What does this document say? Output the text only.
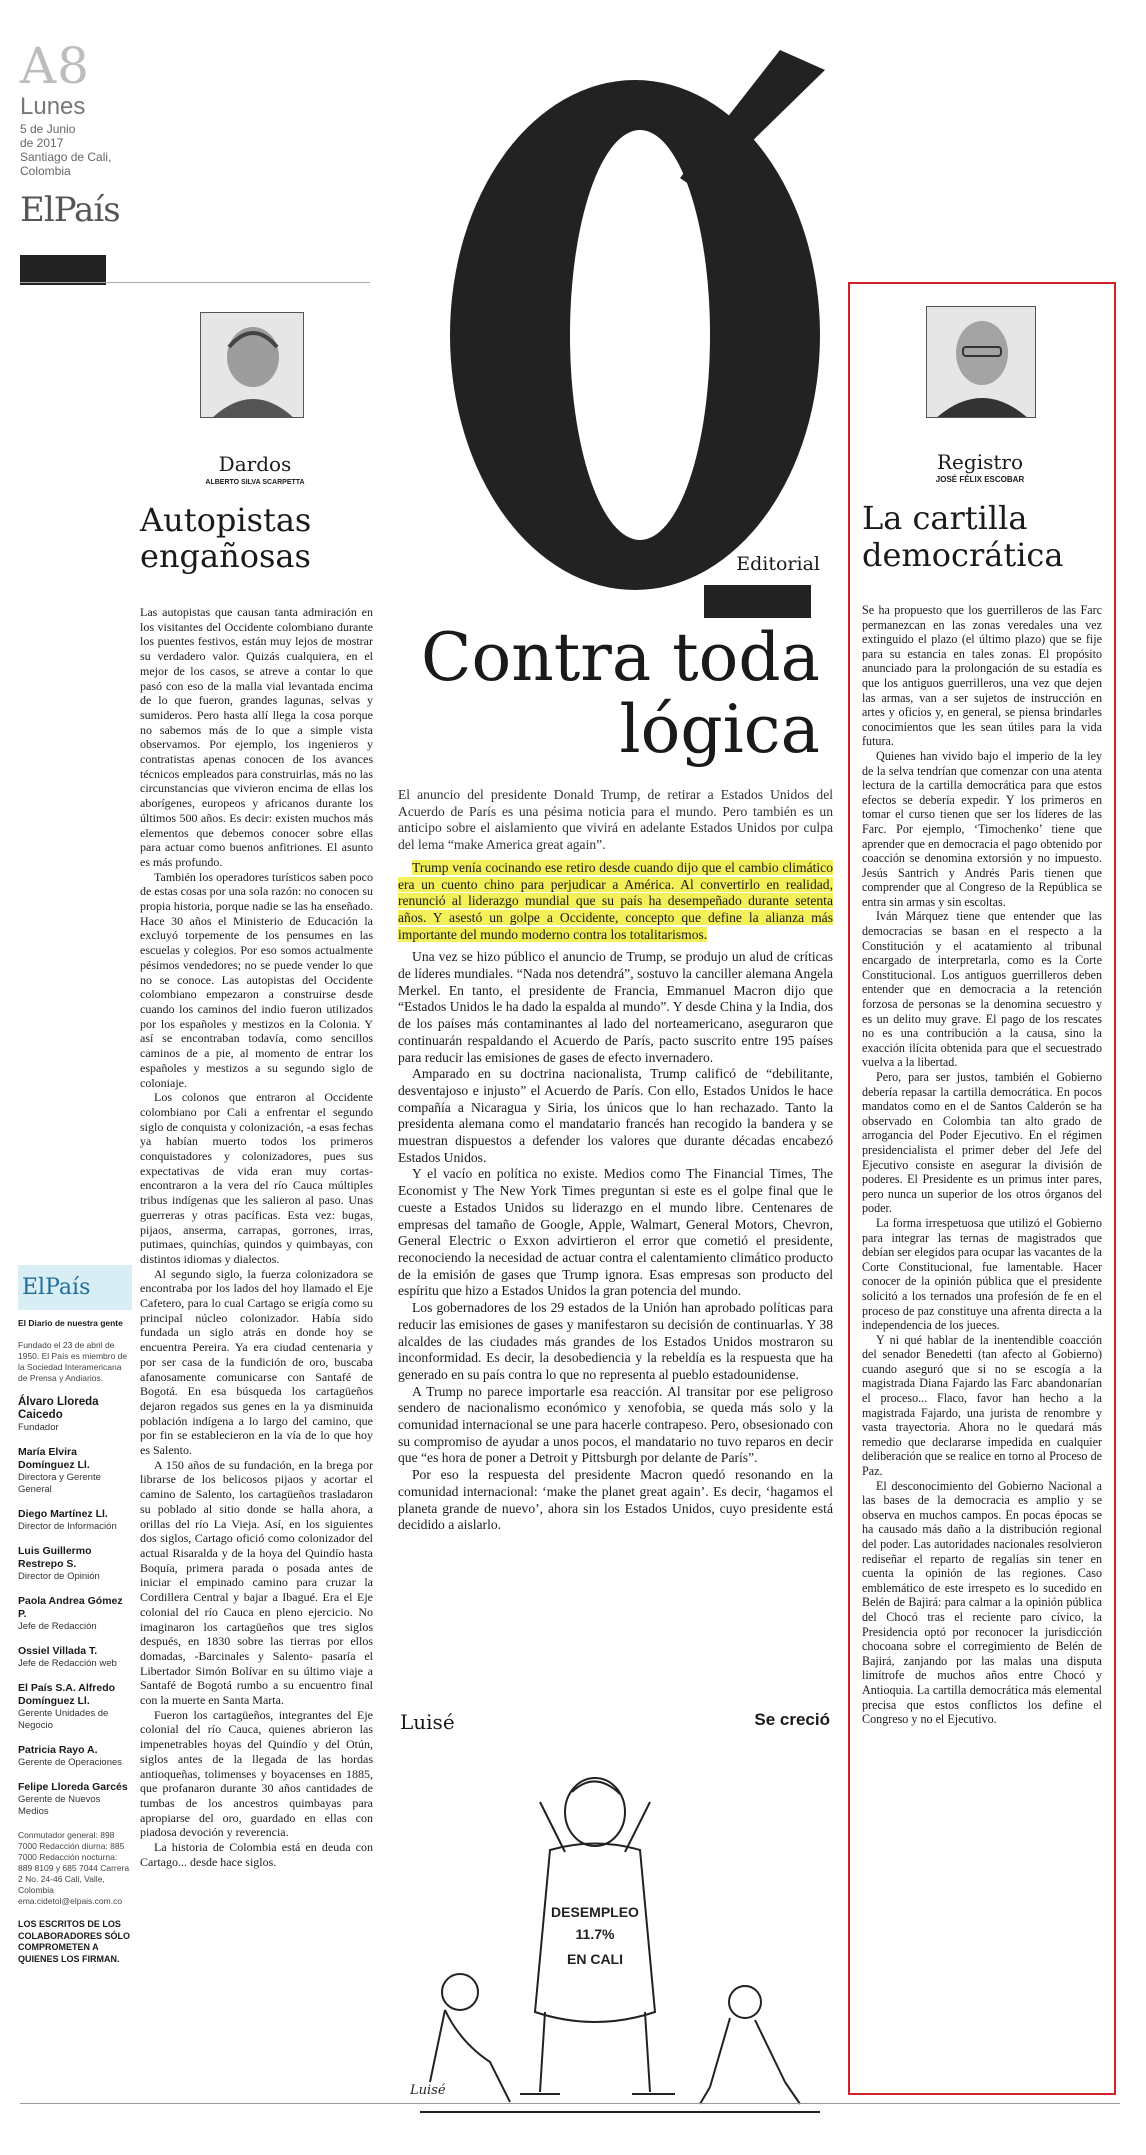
A8
Lunes
5 de Junio
de 2017
Santiago de Cali,
Colombia
ElPaís
Dardos
ALBERTO SILVA SCARPETTA
Autopistas
engañosas

Las autopistas que causan tanta admiración en los visitantes del Occidente colombiano durante los puentes festivos, están muy lejos de mostrar su verdadero valor. Quizás cualquiera, en el mejor de los casos, se atreve a contar lo que pasó con eso de la malla vial levantada encima de lo que fueron, grandes lagunas, selvas y sumideros. Pero hasta allí llega la cosa porque no sabemos más de lo que a simple vista observamos. Por ejemplo, los ingenieros y contratistas apenas conocen de los avances técnicos empleados para construirlas, más no las circunstancias que vivieron encima de ellas los aborígenes, europeos y africanos durante los últimos 500 años. Es decir: existen muchos más elementos que debemos conocer sobre ellas para actuar como buenos anfitriones. El asunto es más profundo.

También los operadores turísticos saben poco de estas cosas por una sola razón: no conocen su propia historia, porque nadie se las ha enseñado. Hace 30 años el Ministerio de Educación la excluyó torpemente de los pensumes en las escuelas y colegios. Por eso somos actualmente pésimos vendedores; no se puede vender lo que no se conoce. Las autopistas del Occidente colombiano empezaron a construirse desde cuando los caminos del indio fueron utilizados por los españoles y mestizos en la Colonia. Y así se encontraban todavía, como sencillos caminos de a pie, al momento de entrar los españoles y mestizos a su segundo siglo de coloniaje.

Los colonos que entraron al Occidente colombiano por Cali a enfrentar el segundo siglo de conquista y colonización, -a esas fechas ya habían muerto todos los primeros conquistadores y colonizadores, pues sus expectativas de vida eran muy cortas- encontraron a la vera del río Cauca múltiples tribus indígenas que les salieron al paso. Unas guerreras y otras pacíficas. Esta vez: bugas, pijaos, anserma, carrapas, gorrones, irras, putimaes, quinchías, quindos y quimbayas, con distintos idiomas y dialectos.

Al segundo siglo, la fuerza colonizadora se encontraba por los lados del hoy llamado el Eje Cafetero, para lo cual Cartago se erigía como su principal núcleo colonizador. Había sido fundada un siglo atrás en donde hoy se encuentra Pereira. Ya era ciudad centenaria y por ser casa de la fundición de oro, buscaba afanosamente comunicarse con Santafé de Bogotá. En esa búsqueda los cartagüeños dejaron regados sus genes en la ya disminuida población indígena a lo largo del camino, que por fin se establecieron en la vía de lo que hoy es Salento.

A 150 años de su fundación, en la brega por librarse de los belicosos pijaos y acortar el camino de Salento, los cartagüeños trasladaron su poblado al sitio donde se halla ahora, a orillas del río La Vieja. Así, en los siguientes dos siglos, Cartago ofició como colonizador del actual Risaralda y de la hoya del Quindío hasta Boquía, primera parada o posada antes de iniciar el empinado camino para cruzar la Cordillera Central y bajar a Ibagué. Era el Eje colonial del río Cauca en pleno ejercicio. No imaginaron los cartagüeños que tres siglos después, en 1830 sobre las tierras por ellos domadas, -Barcinales y Salento- pasaría el Libertador Simón Bolívar en su último viaje a Santafé de Bogotá rumbo a su encuentro final con la muerte en Santa Marta.

Fueron los cartagüeños, integrantes del Eje colonial del río Cauca, quienes abrieron las impenetrables hoyas del Quindío y del Otún, siglos antes de la llegada de las hordas antioqueñas, tolimenses y boyacenses en 1885, que profanaron durante 30 años cantidades de tumbas de los ancestros quimbayas para apropiarse del oro, guardado en ellas con piadosa devoción y reverencia.

La historia de Colombia está en deuda con Cartago... desde hace siglos.

ElPaís
El Diario de nuestra gente
Fundado el 23 de abril de 1950. El País es miembro de la Sociedad Interamericana de Prensa y Andiarios.
Álvaro Lloreda Caicedo
Fundador
María Elvira Domínguez Ll.
Directora y Gerente General
Diego Martínez Ll.
Director de Información
Luis Guillermo Restrepo S.
Director de Opinión
Paola Andrea Gómez P.
Jefe de Redacción
Ossiel Villada T.
Jefe de Redacción web
El País S.A. Alfredo Domínguez Ll.
Gerente Unidades de Negocio
Patricia Rayo A.
Gerente de Operaciones
Felipe Lloreda Garcés
Gerente de Nuevos Medios
Conmutador general: 898 7000 Redacción diurna: 885 7000 Redacción nocturna: 889 8109 y 685 7044 Carrera 2 No. 24-46 Cali, Valle, Colombia ema.cidetol@elpais.com.co
LOS ESCRITOS DE LOS COLABORADORES SÓLO COMPROMETEN A QUIENES LOS FIRMAN.
Editorial
Contra toda
lógica

El anuncio del presidente Donald Trump, de retirar a Estados Unidos del Acuerdo de París es una pésima noticia para el mundo. Pero también es un anticipo sobre el aislamiento que vivirá en adelante Estados Unidos por culpa del lema “make America great again”.

Trump venía cocinando ese retiro desde cuando dijo que el cambio climático era un cuento chino para perjudicar a América. Al convertirlo en realidad, renunció al liderazgo mundial que su país ha desempeñado durante setenta años. Y asestó un golpe a Occidente, concepto que define la alianza más importante del mundo moderno contra los totalitarismos.

Una vez se hizo público el anuncio de Trump, se produjo un alud de críticas de líderes mundiales. “Nada nos detendrá”, sostuvo la canciller alemana Angela Merkel. En tanto, el presidente de Francia, Emmanuel Macron dijo que “Estados Unidos le ha dado la espalda al mundo”. Y desde China y la India, dos de los países más contaminantes al lado del norteamericano, aseguraron que continuarán respaldando el Acuerdo de París, pacto suscrito entre 195 países para reducir las emisiones de gases de efecto invernadero.

Amparado en su doctrina nacionalista, Trump calificó de “debilitante, desventajoso e injusto” el Acuerdo de París. Con ello, Estados Unidos le hace compañía a Nicaragua y Siria, los únicos que lo han rechazado. Tanto la presidenta alemana como el mandatario francés han recogido la bandera y se muestran dispuestos a defender los valores que durante décadas encabezó Estados Unidos.

Y el vacío en política no existe. Medios como The Financial Times, The Economist y The New York Times preguntan si este es el golpe final que le cueste a Estados Unidos su liderazgo en el mundo libre. Centenares de empresas del tamaño de Google, Apple, Walmart, General Motors, Chevron, General Electric o Exxon advirtieron el error que cometió el presidente, reconociendo la necesidad de actuar contra el calentamiento climático producto de la emisión de gases que Trump ignora. Esas empresas son producto del espíritu que hizo a Estados Unidos la gran potencia del mundo.

Los gobernadores de los 29 estados de la Unión han aprobado políticas para reducir las emisiones de gases y manifestaron su decisión de continuarlas. Y 38 alcaldes de las ciudades más grandes de los Estados Unidos mostraron su inconformidad. Es decir, la desobediencia y la rebeldía es la respuesta que ha generado en su país contra lo que no representa al pueblo estadounidense.

A Trump no parece importarle esa reacción. Al transitar por ese peligroso sendero de nacionalismo económico y xenofobia, se queda más solo y la comunidad internacional se une para hacerle contrapeso. Pero, obsesionado con su compromiso de ayudar a unos pocos, el mandatario no tuvo reparos en decir que “es hora de poner a Detroit y Pittsburgh por delante de París”.

Por eso la respuesta del presidente Macron quedó resonando en la comunidad internacional: ‘make the planet great again’. Es decir, ‘hagamos el planeta grande de nuevo’, ahora sin los Estados Unidos, cuyo presidente está decidido a aislarlo.

Luisé	Se creció
DESEMPLEO
11.7%
EN CALI
Luisé
Registro
JOSÉ FÉLIX ESCOBAR
La cartilla
democrática

Se ha propuesto que los guerrilleros de las Farc permanezcan en las zonas veredales una vez extinguido el plazo (el último plazo) que se fije para su estancia en tales zonas. El propósito anunciado para la prolongación de su estadía es que los antiguos guerrilleros, una vez que dejen las armas, van a ser sujetos de instrucción en artes y oficios y, en general, se piensa brindarles conocimientos que les sean útiles para la vida futura.

Quienes han vivido bajo el imperio de la ley de la selva tendrían que comenzar con una atenta lectura de la cartilla democrática para que estos efectos se debería expedir. Y los primeros en tomar el curso tienen que ser los líderes de las Farc. Por ejemplo, ‘Timochenko’ tiene que aprender que en democracia el pago obtenido por coacción se denomina extorsión y no impuesto. Jesús Santrich y Andrés Paris tienen que comprender que al Congreso de la República se entra sin armas y sin escoltas.

Iván Márquez tiene que entender que las democracias se basan en el respecto a la Constitución y el acatamiento al tribunal encargado de interpretarla, como es la Corte Constitucional. Los antiguos guerrilleros deben entender que en democracia a la retención forzosa de personas se la denomina secuestro y es un delito muy grave. El pago de los rescates no es una contribución a la causa, sino la exacción ilícita obtenida para que el secuestrado vuelva a la libertad.

Pero, para ser justos, también el Gobierno debería repasar la cartilla democrática. En pocos mandatos como en el de Santos Calderón se ha observado en Colombia tan alto grado de arrogancia del Poder Ejecutivo. En el régimen presidencialista el primer deber del Jefe del Ejecutivo consiste en asegurar la división de poderes. El Presidente es un primus inter pares, pero nunca un superior de los otros órganos del poder.

La forma irrespetuosa que utilizó el Gobierno para integrar las ternas de magistrados que debían ser elegidos para ocupar las vacantes de la Corte Constitucional, fue lamentable. Hacer conocer de la opinión pública que el presidente solicitó a los ternados una profesión de fe en el proceso de paz constituye una afrenta directa a la independencia de los jueces.

Y ni qué hablar de la inentendible coacción del senador Benedetti (tan afecto al Gobierno) cuando aseguró que si no se escogía a la magistrada Diana Fajardo las Farc abandonarían el proceso... Flaco, favor han hecho a la magistrada Fajardo, una jurista de renombre y vasta trayectoria. Ahora no le quedará más remedio que declararse impedida en cualquier deliberación que se realice en torno al Proceso de Paz.

El desconocimiento del Gobierno Nacional a las bases de la democracia es amplio y se observa en muchos campos. En pocas épocas se ha causado más daño a la distribución regional del poder. Las autoridades nacionales resolvieron rediseñar el reparto de regalías sin tener en cuenta la opinión de las regiones. Caso emblemático de este irrespeto es lo sucedido en Belén de Bajirá: para calmar a la opinión pública del Chocó tras el reciente paro cívico, la Presidencia optó por reconocer la jurisdicción chocoana sobre el corregimiento de Belén de Bajirá, zanjando por las malas una disputa limítrofe de muchos años entre Chocó y Antioquia. La cartilla democrática más elemental precisa que estos conflictos los define el Congreso y no el Ejecutivo.
